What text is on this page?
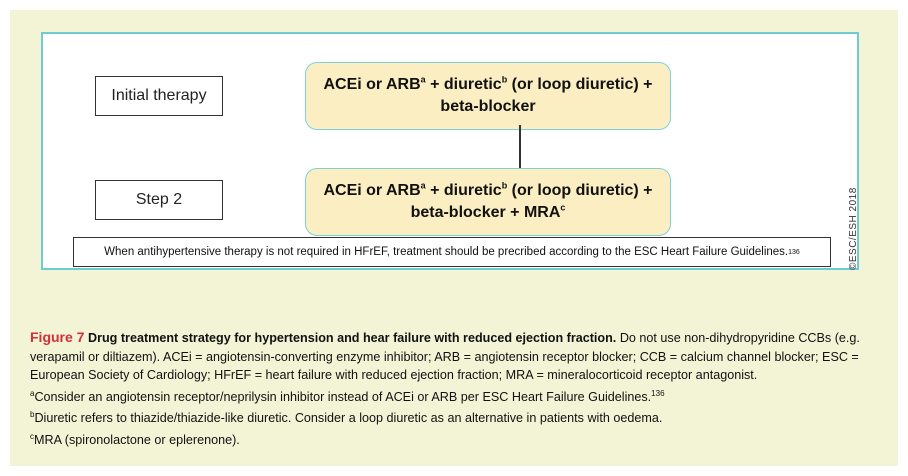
Initial therapy
ACEi or $ARB^a$ + diuretic$^b$ (or loop diuretic) +
beta-blocker
Step 2
ACEi or $ARB^a$ + diuretic$^b$ (or loop diuretic) +
beta-blocker + $MRA^c$
When antihypertensive therapy is not required in HFrEF, treatment should be precribed according to the ESC Heart Failure Guidelines. 136	©ESC/ESH 2018

Figure 7 Drug treatment strategy for hypertension and hear failure with reduced ejection fraction. Do not use non-dihydropyridine CCBs (e.g. verapamil or diltiazem). ACEi = angiotensin-converting enzyme inhibitor; ARB = angiotensin receptor blocker; CCB = calcium channel blocker; ESC = European Society of Cardiology; HFrEF = heart failure with reduced ejection fraction; MRA = mineralocorticoid receptor antagonist.

$^a$Consider an angiotensin receptor/neprilysin inhibitor instead of ACEi or ARB per ESC Heart Failure Guidelines.$^{136}$

$^b$Diuretic refers to thiazide/thiazide-like diuretic. Consider a loop diuretic as an alternative in patients with oedema.

$^c$MRA (spironolactone or eplerenone).
